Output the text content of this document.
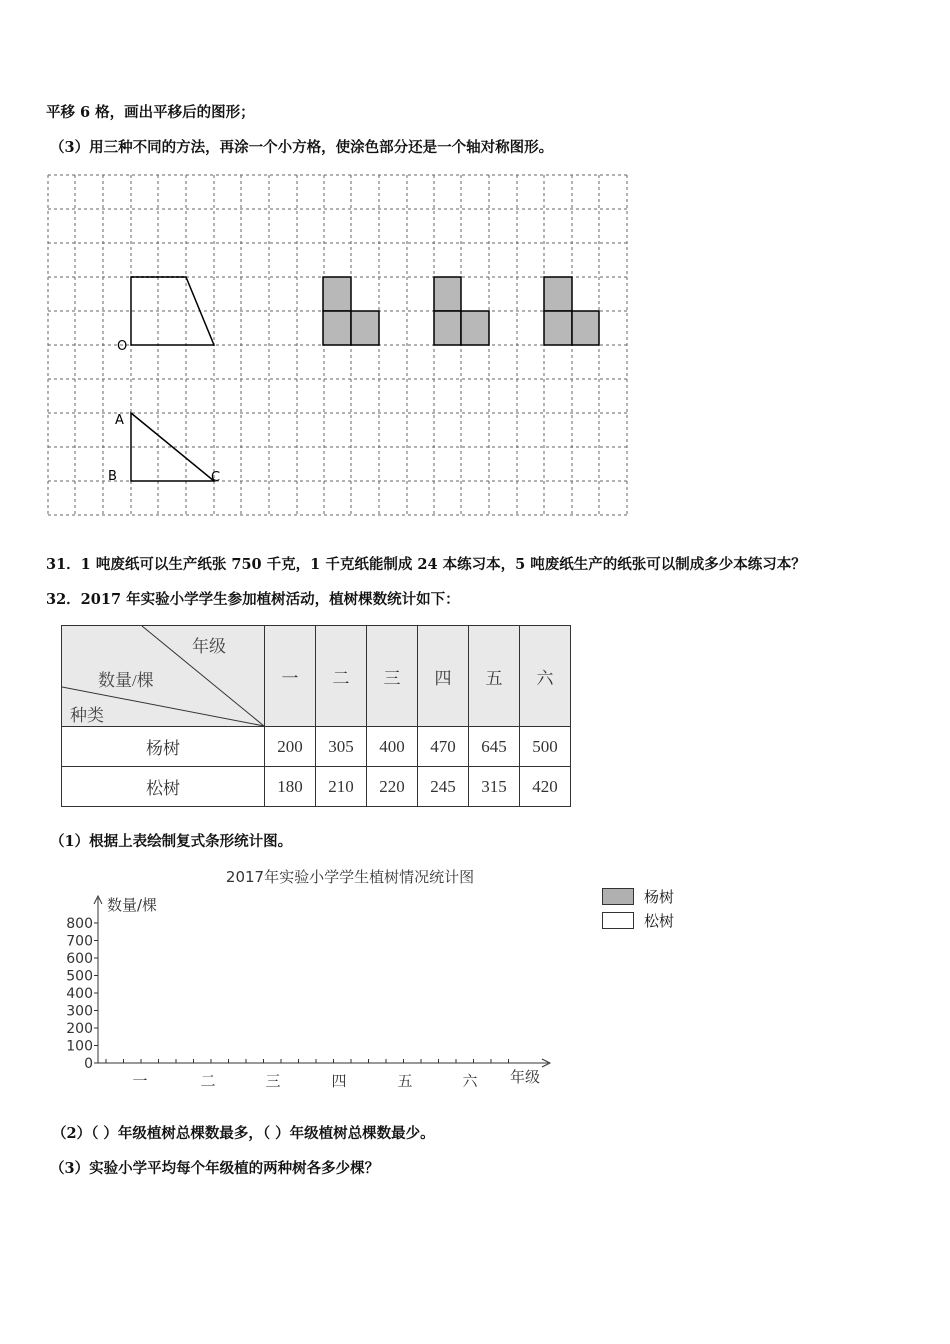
平移 6 格，画出平移后的图形；
（3）用三种不同的方法，再涂一个小方格，使涂色部分还是一个轴对称图形。
O
A
B	C
31．1 吨废纸可以生产纸张 750 千克，1 千克纸能制成 24 本练习本，5 吨废纸生产的纸张可以制成多少本练习本？
32．2017 年实验小学学生参加植树活动，植树棵数统计如下：
年级
数量/棵
种类	一	二	三	四	五	六
杨树	200	305	400	470	645	500
松树	180	210	220	245	315	420
（1）根据上表绘制复式条形统计图。
2017年实验小学学生植树情况统计图
数量/棵
年级
0
100
200
300
400
500
600
700
800
一	二	三	四	五	六
杨树
松树
（2）（ ）年级植树总棵数最多，（ ）年级植树总棵数最少。
（3）实验小学平均每个年级植的两种树各多少棵？
